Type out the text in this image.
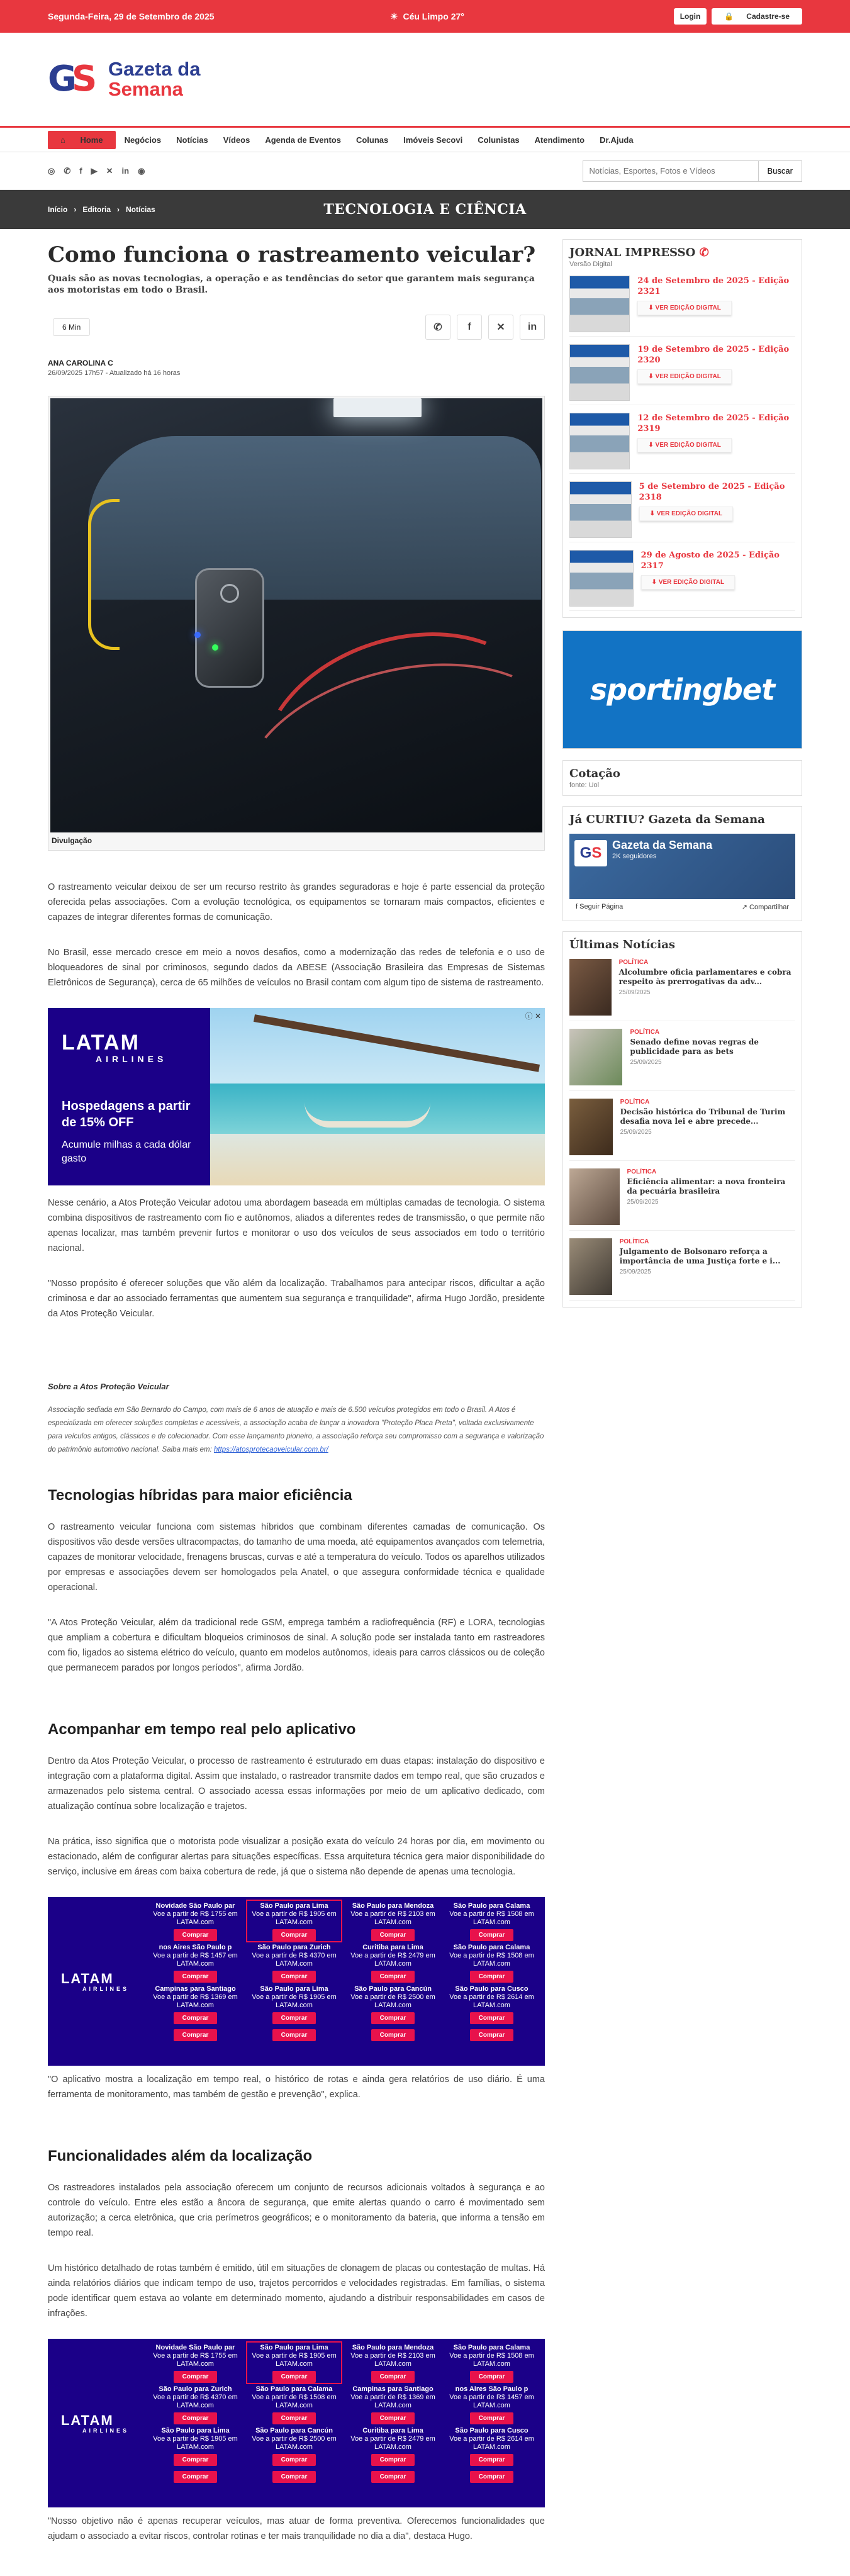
Segunda-Feira, 29 de Setembro de 2025	☀ Céu Limpo 27°	Login	🔒 Cadastre-se
G
S Gazeta da
Semana
⌂ Home	Negócios	Notícias	Vídeos	Agenda de Eventos	Colunas	Imóveis Secovi	Colunistas	Atendimento	Dr.Ajuda
◎ ✆ f ▶ ✕ in ◉
Notícias, Esportes, Fotos e Vídeos	Buscar
Início › Editoria › Notícias	TECNOLOGIA E CIÊNCIA
Como funciona o rastreamento veicular?
Quais são as novas tecnologias, a operação e as tendências do setor que garantem mais segurança aos motoristas em todo o Brasil.
6 Min	✆	f	✕	in
ANA CAROLINA C
26/09/2025 17h57 - Atualizado há 16 horas
Divulgação

O rastreamento veicular deixou de ser um recurso restrito às grandes seguradoras e hoje é parte essencial da proteção oferecida pelas associações. Com a evolução tecnológica, os equipamentos se tornaram mais compactos, eficientes e capazes de integrar diferentes formas de comunicação.

No Brasil, esse mercado cresce em meio a novos desafios, como a modernização das redes de telefonia e o uso de bloqueadores de sinal por criminosos, segundo dados da ABESE (Associação Brasileira das Empresas de Sistemas Eletrônicos de Segurança), cerca de 65 milhões de veículos no Brasil contam com algum tipo de sistema de rastreamento.

LATAM
AIRLINES
Hospedagens a partir de 15% OFF
Acumule milhas a cada dólar gasto
ⓘ ✕

Nesse cenário, a Atos Proteção Veicular adotou uma abordagem baseada em múltiplas camadas de tecnologia. O sistema combina dispositivos de rastreamento com fio e autônomos, aliados a diferentes redes de transmissão, o que permite não apenas localizar, mas também prevenir furtos e monitorar o uso dos veículos de seus associados em todo o território nacional.

"Nosso propósito é oferecer soluções que vão além da localização. Trabalhamos para antecipar riscos, dificultar a ação criminosa e dar ao associado ferramentas que aumentem sua segurança e tranquilidade", afirma Hugo Jordão, presidente da Atos Proteção Veicular.

Sobre a Atos Proteção Veicular
Associação sediada em São Bernardo do Campo, com mais de 6 anos de atuação e mais de 6.500 veículos protegidos em todo o Brasil. A Atos é especializada em oferecer soluções completas e acessíveis, a associação acaba de lançar a inovadora "Proteção Placa Preta", voltada exclusivamente para veículos antigos, clássicos e de colecionador. Com esse lançamento pioneiro, a associação reforça seu compromisso com a segurança e valorização do patrimônio automotivo nacional. Saiba mais em: https://atosprotecaoveicular.com.br/
Tecnologias híbridas para maior eficiência

O rastreamento veicular funciona com sistemas híbridos que combinam diferentes camadas de comunicação. Os dispositivos vão desde versões ultracompactas, do tamanho de uma moeda, até equipamentos avançados com telemetria, capazes de monitorar velocidade, frenagens bruscas, curvas e até a temperatura do veículo. Todos os aparelhos utilizados por empresas e associações devem ser homologados pela Anatel, o que assegura conformidade técnica e qualidade operacional.

"A Atos Proteção Veicular, além da tradicional rede GSM, emprega também a radiofrequência (RF) e LORA, tecnologias que ampliam a cobertura e dificultam bloqueios criminosos de sinal. A solução pode ser instalada tanto em rastreadores com fio, ligados ao sistema elétrico do veículo, quanto em modelos autônomos, ideais para carros clássicos ou de coleção que permanecem parados por longos períodos", afirma Jordão.

Acompanhar em tempo real pelo aplicativo

Dentro da Atos Proteção Veicular, o processo de rastreamento é estruturado em duas etapas: instalação do dispositivo e integração com a plataforma digital. Assim que instalado, o rastreador transmite dados em tempo real, que são cruzados e armazenados pelo sistema central. O associado acessa essas informações por meio de um aplicativo dedicado, com atualização contínua sobre localização e trajetos.

Na prática, isso significa que o motorista pode visualizar a posição exata do veículo 24 horas por dia, em movimento ou estacionado, além de configurar alertas para situações específicas. Essa arquitetura técnica gera maior disponibilidade do serviço, inclusive em áreas com baixa cobertura de rede, já que o sistema não depende de apenas uma tecnologia.

LATAM
AIRLINES
Novidade São Paulo par
Voe a partir de R$ 1755 em LATAM.com
Comprar
São Paulo para Lima
Voe a partir de R$ 1905 em LATAM.com
Comprar
São Paulo para Mendoza
Voe a partir de R$ 2103 em LATAM.com
Comprar
São Paulo para Calama
Voe a partir de R$ 1508 em LATAM.com
Comprar
nos Aires São Paulo p
Voe a partir de R$ 1457 em LATAM.com
Comprar
São Paulo para Zurich
Voe a partir de R$ 4370 em LATAM.com
Comprar
Curitiba para Lima
Voe a partir de R$ 2479 em LATAM.com
Comprar
São Paulo para Calama
Voe a partir de R$ 1508 em LATAM.com
Comprar
Campinas para Santiago
Voe a partir de R$ 1369 em LATAM.com
Comprar
São Paulo para Lima
Voe a partir de R$ 1905 em LATAM.com
Comprar
São Paulo para Cancún
Voe a partir de R$ 2500 em LATAM.com
Comprar
São Paulo para Cusco
Voe a partir de R$ 2614 em LATAM.com
Comprar
Comprar	Comprar	Comprar	Comprar

"O aplicativo mostra a localização em tempo real, o histórico de rotas e ainda gera relatórios de uso diário. É uma ferramenta de monitoramento, mas também de gestão e prevenção", explica.

Funcionalidades além da localização

Os rastreadores instalados pela associação oferecem um conjunto de recursos adicionais voltados à segurança e ao controle do veículo. Entre eles estão a âncora de segurança, que emite alertas quando o carro é movimentado sem autorização; a cerca eletrônica, que cria perímetros geográficos; e o monitoramento da bateria, que informa a tensão em tempo real.

Um histórico detalhado de rotas também é emitido, útil em situações de clonagem de placas ou contestação de multas. Há ainda relatórios diários que indicam tempo de uso, trajetos percorridos e velocidades registradas. Em famílias, o sistema pode identificar quem estava ao volante em determinado momento, ajudando a distribuir responsabilidades em casos de infrações.

LATAM
AIRLINES
Novidade São Paulo par
Voe a partir de R$ 1755 em LATAM.com
Comprar
São Paulo para Lima
Voe a partir de R$ 1905 em LATAM.com
Comprar
São Paulo para Mendoza
Voe a partir de R$ 2103 em LATAM.com
Comprar
São Paulo para Calama
Voe a partir de R$ 1508 em LATAM.com
Comprar
São Paulo para Zurich
Voe a partir de R$ 4370 em LATAM.com
Comprar
São Paulo para Calama
Voe a partir de R$ 1508 em LATAM.com
Comprar
Campinas para Santiago
Voe a partir de R$ 1369 em LATAM.com
Comprar
nos Aires São Paulo p
Voe a partir de R$ 1457 em LATAM.com
Comprar
São Paulo para Lima
Voe a partir de R$ 1905 em LATAM.com
Comprar
São Paulo para Cancún
Voe a partir de R$ 2500 em LATAM.com
Comprar
Curitiba para Lima
Voe a partir de R$ 2479 em LATAM.com
Comprar
São Paulo para Cusco
Voe a partir de R$ 2614 em LATAM.com
Comprar
Comprar	Comprar	Comprar	Comprar

"Nosso objetivo não é apenas recuperar veículos, mas atuar de forma preventiva. Oferecemos funcionalidades que ajudam o associado a evitar riscos, controlar rotinas e ter mais tranquilidade no dia a dia", destaca Hugo.

JORNAL IMPRESSO ✆
Versão Digital
24 de Setembro de 2025 - Edição 2321
⬇ VER EDIÇÃO DIGITAL
19 de Setembro de 2025 - Edição 2320
⬇ VER EDIÇÃO DIGITAL
12 de Setembro de 2025 - Edição 2319
⬇ VER EDIÇÃO DIGITAL
5 de Setembro de 2025 - Edição 2318
⬇ VER EDIÇÃO DIGITAL
29 de Agosto de 2025 - Edição 2317
⬇ VER EDIÇÃO DIGITAL
sportingbet
Cotação
fonte: Uol
Já CURTIU? Gazeta da Semana
GS Gazeta da Semana
2K seguidores
f Seguir Página	↗ Compartilhar
Últimas Notícias
POLÍTICA
Alcolumbre oficia parlamentares e cobra respeito às prerrogativas da adv...
25/09/2025
POLÍTICA
Senado define novas regras de publicidade para as bets
25/09/2025
POLÍTICA
Decisão histórica do Tribunal de Turim desafia nova lei e abre precede...
25/09/2025
POLÍTICA
Eficiência alimentar: a nova fronteira da pecuária brasileira
25/09/2025
POLÍTICA
Julgamento de Bolsonaro reforça a importância de uma Justiça forte e i...
25/09/2025
